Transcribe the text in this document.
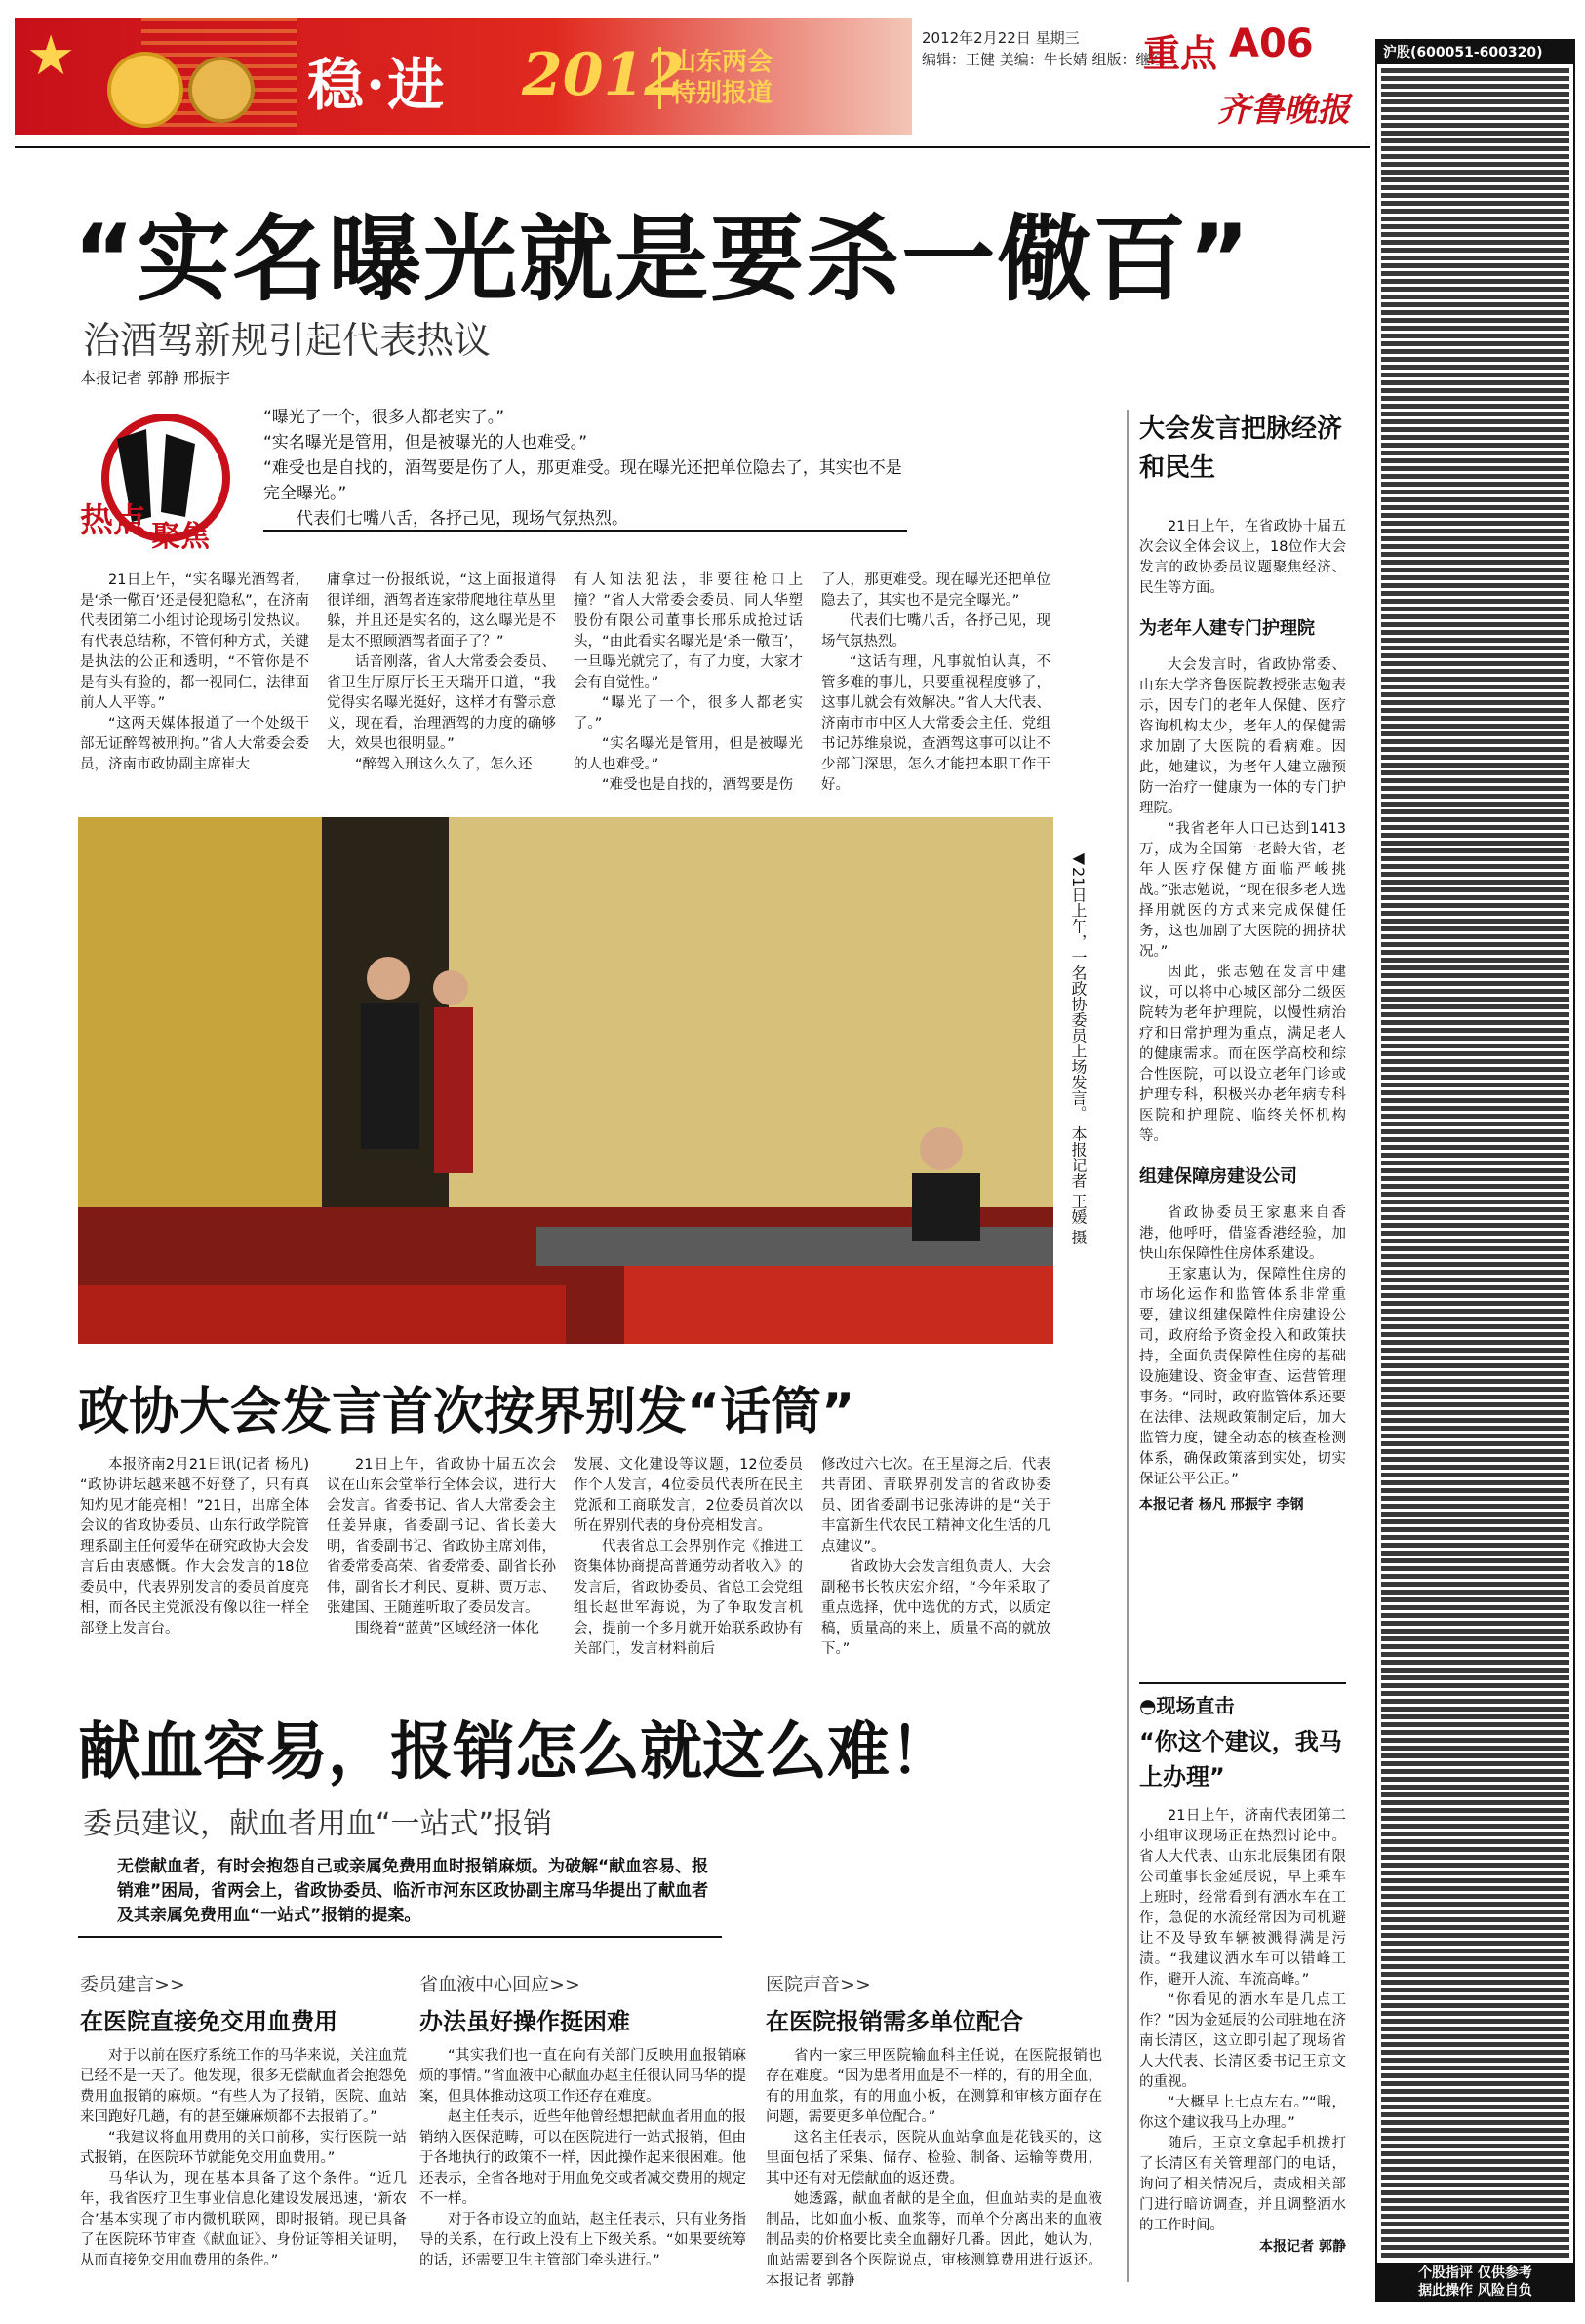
★	稳·进 2012
山东两会 特别报道
2012年2月22日 星期三
编辑：王健 美编：牛长婧 组版：继红
重点 A06
齐鲁晚报
沪股(600051-600320)
个股指评 仅供参考
据此操作 风险自负
“实名曝光就是要杀一儆百”
治酒驾新规引起代表热议
本报记者 郭静 邢振宇
热点 聚焦
“曝光了一个，很多人都老实了。”
“实名曝光是管用，但是被曝光的人也难受。”
“难受也是自找的，酒驾要是伤了人，那更难受。现在曝光还把单位隐去了，其实也不是完全曝光。”
代表们七嘴八舌，各抒己见，现场气氛热烈。

21日上午，“实名曝光酒驾者，是‘杀一儆百’还是侵犯隐私”，在济南代表团第二小组讨论现场引发热议。有代表总结称，不管何种方式，关键是执法的公正和透明，“不管你是不是有头有脸的，都一视同仁，法律面前人人平等。”

“这两天媒体报道了一个处级干部无证醉驾被刑拘。”省人大常委会委员，济南市政协副主席崔大

庸拿过一份报纸说，“这上面报道得很详细，酒驾者连家带爬地往草丛里躲，并且还是实名的，这么曝光是不是太不照顾酒驾者面子了？”

话音刚落，省人大常委会委员、省卫生厅原厅长王天瑞开口道，“我觉得实名曝光挺好，这样才有警示意义，现在看，治理酒驾的力度的确够大，效果也很明显。”

“醉驾入刑这么久了，怎么还

有人知法犯法，非要往枪口上撞？”省人大常委会委员、同人华塑股份有限公司董事长邢乐成抢过话头，“由此看实名曝光是‘杀一儆百’，一旦曝光就完了，有了力度，大家才会有自觉性。”

“曝光了一个，很多人都老实了。”

“实名曝光是管用，但是被曝光的人也难受。”

“难受也是自找的，酒驾要是伤

了人，那更难受。现在曝光还把单位隐去了，其实也不是完全曝光。”

代表们七嘴八舌，各抒己见，现场气氛热烈。

“这话有理，凡事就怕认真，不管多难的事儿，只要重视程度够了，这事儿就会有效解决。”省人大代表、济南市市中区人大常委会主任、党组书记苏维泉说，查酒驾这事可以让不少部门深思，怎么才能把本职工作干好。

◀21日上午，一名政协委员上场发言。 本报记者 王媛 摄
政协大会发言首次按界别发“话筒”

本报济南2月21日讯(记者 杨凡) “政协讲坛越来越不好登了，只有真知灼见才能亮相！”21日，出席全体会议的省政协委员、山东行政学院管理系副主任何爱华在研究政协大会发言后由衷感慨。作大会发言的18位委员中，代表界别发言的委员首度亮相，而各民主党派没有像以往一样全部登上发言台。

21日上午，省政协十届五次会议在山东会堂举行全体会议，进行大会发言。省委书记、省人大常委会主任姜异康，省委副书记、省长姜大明，省委副书记、省政协主席刘伟，省委常委高荣、省委常委、副省长孙伟，副省长才利民、夏耕、贾万志、张建国、王随莲听取了委员发言。

围绕着“蓝黄”区域经济一体化

发展、文化建设等议题，12位委员作个人发言，4位委员代表所在民主党派和工商联发言，2位委员首次以所在界别代表的身份亮相发言。

代表省总工会界别作完《推进工资集体协商提高普通劳动者收入》的发言后，省政协委员、省总工会党组组长赵世军海说，为了争取发言机会，提前一个多月就开始联系政协有关部门，发言材料前后

修改过六七次。在王星海之后，代表共青团、青联界别发言的省政协委员、团省委副书记张涛讲的是“关于丰富新生代农民工精神文化生活的几点建议”。

省政协大会发言组负责人、大会副秘书长牧庆宏介绍，“今年采取了重点选择，优中选优的方式，以质定稿，质量高的来上，质量不高的就放下。”

献血容易，报销怎么就这么难！
委员建议，献血者用血“一站式”报销
无偿献血者，有时会抱怨自己或亲属免费用血时报销麻烦。为破解“献血容易、报销难”困局，省两会上，省政协委员、临沂市河东区政协副主席马华提出了献血者及其亲属免费用血“一站式”报销的提案。
委员建言>>
在医院直接免交用血费用

对于以前在医疗系统工作的马华来说，关注血荒已经不是一天了。他发现，很多无偿献血者会抱怨免费用血报销的麻烦。“有些人为了报销，医院、血站来回跑好几趟，有的甚至嫌麻烦都不去报销了。”

“我建议将血用费用的关口前移，实行医院一站式报销，在医院环节就能免交用血费用。”

马华认为，现在基本具备了这个条件。“近几年，我省医疗卫生事业信息化建设发展迅速，‘新农合’基本实现了市内微机联网，即时报销。现已具备了在医院环节审查《献血证》、身份证等相关证明，从而直接免交用血费用的条件。”

省血液中心回应>>
办法虽好操作挺困难

“其实我们也一直在向有关部门反映用血报销麻烦的事情。”省血液中心献血办赵主任很认同马华的提案，但具体推动这项工作还存在难度。

赵主任表示，近些年他曾经想把献血者用血的报销纳入医保范畴，可以在医院进行一站式报销，但由于各地执行的政策不一样，因此操作起来很困难。他还表示，全省各地对于用血免交或者减交费用的规定不一样。

对于各市设立的血站，赵主任表示，只有业务指导的关系，在行政上没有上下级关系。“如果要统筹的话，还需要卫生主管部门牵头进行。”

医院声音>>
在医院报销需多单位配合

省内一家三甲医院输血科主任说，在医院报销也存在难度。“因为患者用血是不一样的，有的用全血，有的用血浆，有的用血小板，在测算和审核方面存在问题，需要更多单位配合。”

这名主任表示，医院从血站拿血是花钱买的，这里面包括了采集、储存、检验、制备、运输等费用，其中还有对无偿献血的返还费。

她透露，献血者献的是全血，但血站卖的是血液制品，比如血小板、血浆等，而单个分离出来的血液制品卖的价格要比卖全血翻好几番。因此，她认为，血站需要到各个医院说点，审核测算费用进行返还。 本报记者 郭静

大会发言把脉经济和民生

21日上午，在省政协十届五次会议全体会议上，18位作大会发言的政协委员议题聚焦经济、民生等方面。

为老年人建专门护理院

大会发言时，省政协常委、山东大学齐鲁医院教授张志勉表示，因专门的老年人保健、医疗咨询机构太少，老年人的保健需求加剧了大医院的看病难。因此，她建议，为老年人建立融预防一治疗一健康为一体的专门护理院。

“我省老年人口已达到1413万，成为全国第一老龄大省，老年人医疗保健方面临严峻挑战。”张志勉说，“现在很多老人选择用就医的方式来完成保健任务，这也加剧了大医院的拥挤状况。”

因此，张志勉在发言中建议，可以将中心城区部分二级医院转为老年护理院，以慢性病治疗和日常护理为重点，满足老人的健康需求。而在医学高校和综合性医院，可以设立老年门诊或护理专科，积极兴办老年病专科医院和护理院、临终关怀机构等。

组建保障房建设公司

省政协委员王家惠来自香港，他呼吁，借鉴香港经验，加快山东保障性住房体系建设。

王家惠认为，保障性住房的市场化运作和监管体系非常重要，建议组建保障性住房建设公司，政府给予资金投入和政策扶持，全面负责保障性住房的基础设施建设、资金审查、运营管理事务。“同时，政府监管体系还要在法律、法规政策制定后，加大监管力度，键全动态的核查检测体系，确保政策落到实处，切实保证公平公正。”

本报记者 杨凡 邢振宇 李钢
◓现场直击
“你这个建议，我马上办理”

21日上午，济南代表团第二小组审议现场正在热烈讨论中。省人大代表、山东北辰集团有限公司董事长金延辰说，早上乘车上班时，经常看到有洒水车在工作，急促的水流经常因为司机避让不及导致车辆被溅得满是污渍。“我建议洒水车可以错峰工作，避开人流、车流高峰。”

“你看见的洒水车是几点工作？”因为金延辰的公司驻地在济南长清区，这立即引起了现场省人大代表、长清区委书记王京文的重视。

“大概早上七点左右。”“哦，你这个建议我马上办理。”

随后，王京文拿起手机拨打了长清区有关管理部门的电话，询问了相关情况后，责成相关部门进行暗访调查，并且调整洒水的工作时间。

本报记者 郭静
